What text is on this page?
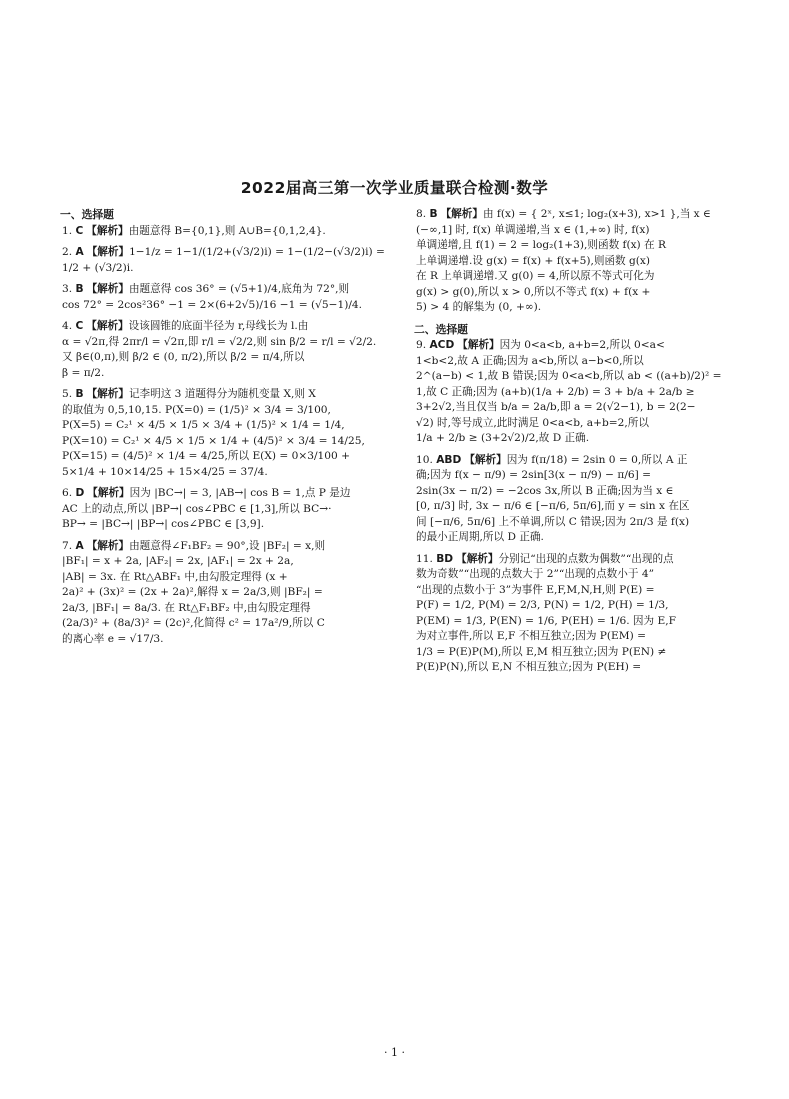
2022届高三第一次学业质量联合检测·数学
一、选择题

1. C 【解析】由题意得 B={0,1},则 A∪B={0,1,2,4}.

2. A 【解析】1−1/z = 1−1/(1/2+(√3/2)i) = 1−(1/2−(√3/2)i) =

1/2 + (√3/2)i.

3. B 【解析】由题意得 cos 36° = (√5+1)/4,底角为 72°,则

cos 72° = 2cos²36° −1 = 2×(6+2√5)/16 −1 = (√5−1)/4.

4. C 【解析】设该圆锥的底面半径为 r,母线长为 l.由

α = √2π,得 2πr/l = √2π,即 r/l = √2/2,则 sin β/2 = r/l = √2/2.

又 β∈(0,π),则 β/2 ∈ (0, π/2),所以 β/2 = π/4,所以

β = π/2.

5. B 【解析】记李明这 3 道题得分为随机变量 X,则 X

的取值为 0,5,10,15. P(X=0) = (1/5)² × 3/4 = 3/100,

P(X=5) = C₂¹ × 4/5 × 1/5 × 3/4 + (1/5)² × 1/4 = 1/4,

P(X=10) = C₂¹ × 4/5 × 1/5 × 1/4 + (4/5)² × 3/4 = 14/25,

P(X=15) = (4/5)² × 1/4 = 4/25,所以 E(X) = 0×3/100 +

5×1/4 + 10×14/25 + 15×4/25 = 37/4.

6. D 【解析】因为 |BC→| = 3, |AB→| cos B = 1,点 P 是边

AC 上的动点,所以 |BP→| cos∠PBC ∈ [1,3],所以 BC→·

BP→ = |BC→| |BP→| cos∠PBC ∈ [3,9].

7. A 【解析】由题意得∠F₁BF₂ = 90°,设 |BF₂| = x,则

|BF₁| = x + 2a, |AF₂| = 2x, |AF₁| = 2x + 2a,

|AB| = 3x. 在 Rt△ABF₁ 中,由勾股定理得 (x +

2a)² + (3x)² = (2x + 2a)²,解得 x = 2a/3,则 |BF₂| =

2a/3, |BF₁| = 8a/3. 在 Rt△F₁BF₂ 中,由勾股定理得

(2a/3)² + (8a/3)² = (2c)²,化简得 c² = 17a²/9,所以 C

的离心率 e = √17/3.

8. B 【解析】由 f(x) = { 2ˣ, x≤1; log₂(x+3), x>1 },当 x ∈

(−∞,1] 时, f(x) 单调递增,当 x ∈ (1,+∞) 时, f(x)

单调递增,且 f(1) = 2 = log₂(1+3),则函数 f(x) 在 R

上单调递增.设 g(x) = f(x) + f(x+5),则函数 g(x)

在 R 上单调递增.又 g(0) = 4,所以原不等式可化为

g(x) > g(0),所以 x > 0,所以不等式 f(x) + f(x +

5) > 4 的解集为 (0, +∞).

二、选择题

9. ACD 【解析】因为 0<a<b, a+b=2,所以 0<a<

1<b<2,故 A 正确;因为 a<b,所以 a−b<0,所以

2^(a−b) < 1,故 B 错误;因为 0<a<b,所以 ab < ((a+b)/2)² =

1,故 C 正确;因为 (a+b)(1/a + 2/b) = 3 + b/a + 2a/b ≥

3+2√2,当且仅当 b/a = 2a/b,即 a = 2(√2−1), b = 2(2−

√2) 时,等号成立,此时满足 0<a<b, a+b=2,所以

1/a + 2/b ≥ (3+2√2)/2,故 D 正确.

10. ABD 【解析】因为 f(π/18) = 2sin 0 = 0,所以 A 正

确;因为 f(x − π/9) = 2sin[3(x − π/9) − π/6] =

2sin(3x − π/2) = −2cos 3x,所以 B 正确;因为当 x ∈

[0, π/3] 时, 3x − π/6 ∈ [−π/6, 5π/6],而 y = sin x 在区

间 [−π/6, 5π/6] 上不单调,所以 C 错误;因为 2π/3 是 f(x)

的最小正周期,所以 D 正确.

11. BD 【解析】分别记“出现的点数为偶数”“出现的点

数为奇数”“出现的点数大于 2”“出现的点数小于 4”

“出现的点数小于 3”为事件 E,F,M,N,H,则 P(E) =

P(F) = 1/2, P(M) = 2/3, P(N) = 1/2, P(H) = 1/3,

P(EM) = 1/3, P(EN) = 1/6, P(EH) = 1/6. 因为 E,F

为对立事件,所以 E,F 不相互独立;因为 P(EM) =

1/3 = P(E)P(M),所以 E,M 相互独立;因为 P(EN) ≠

P(E)P(N),所以 E,N 不相互独立;因为 P(EH) =

· 1 ·
